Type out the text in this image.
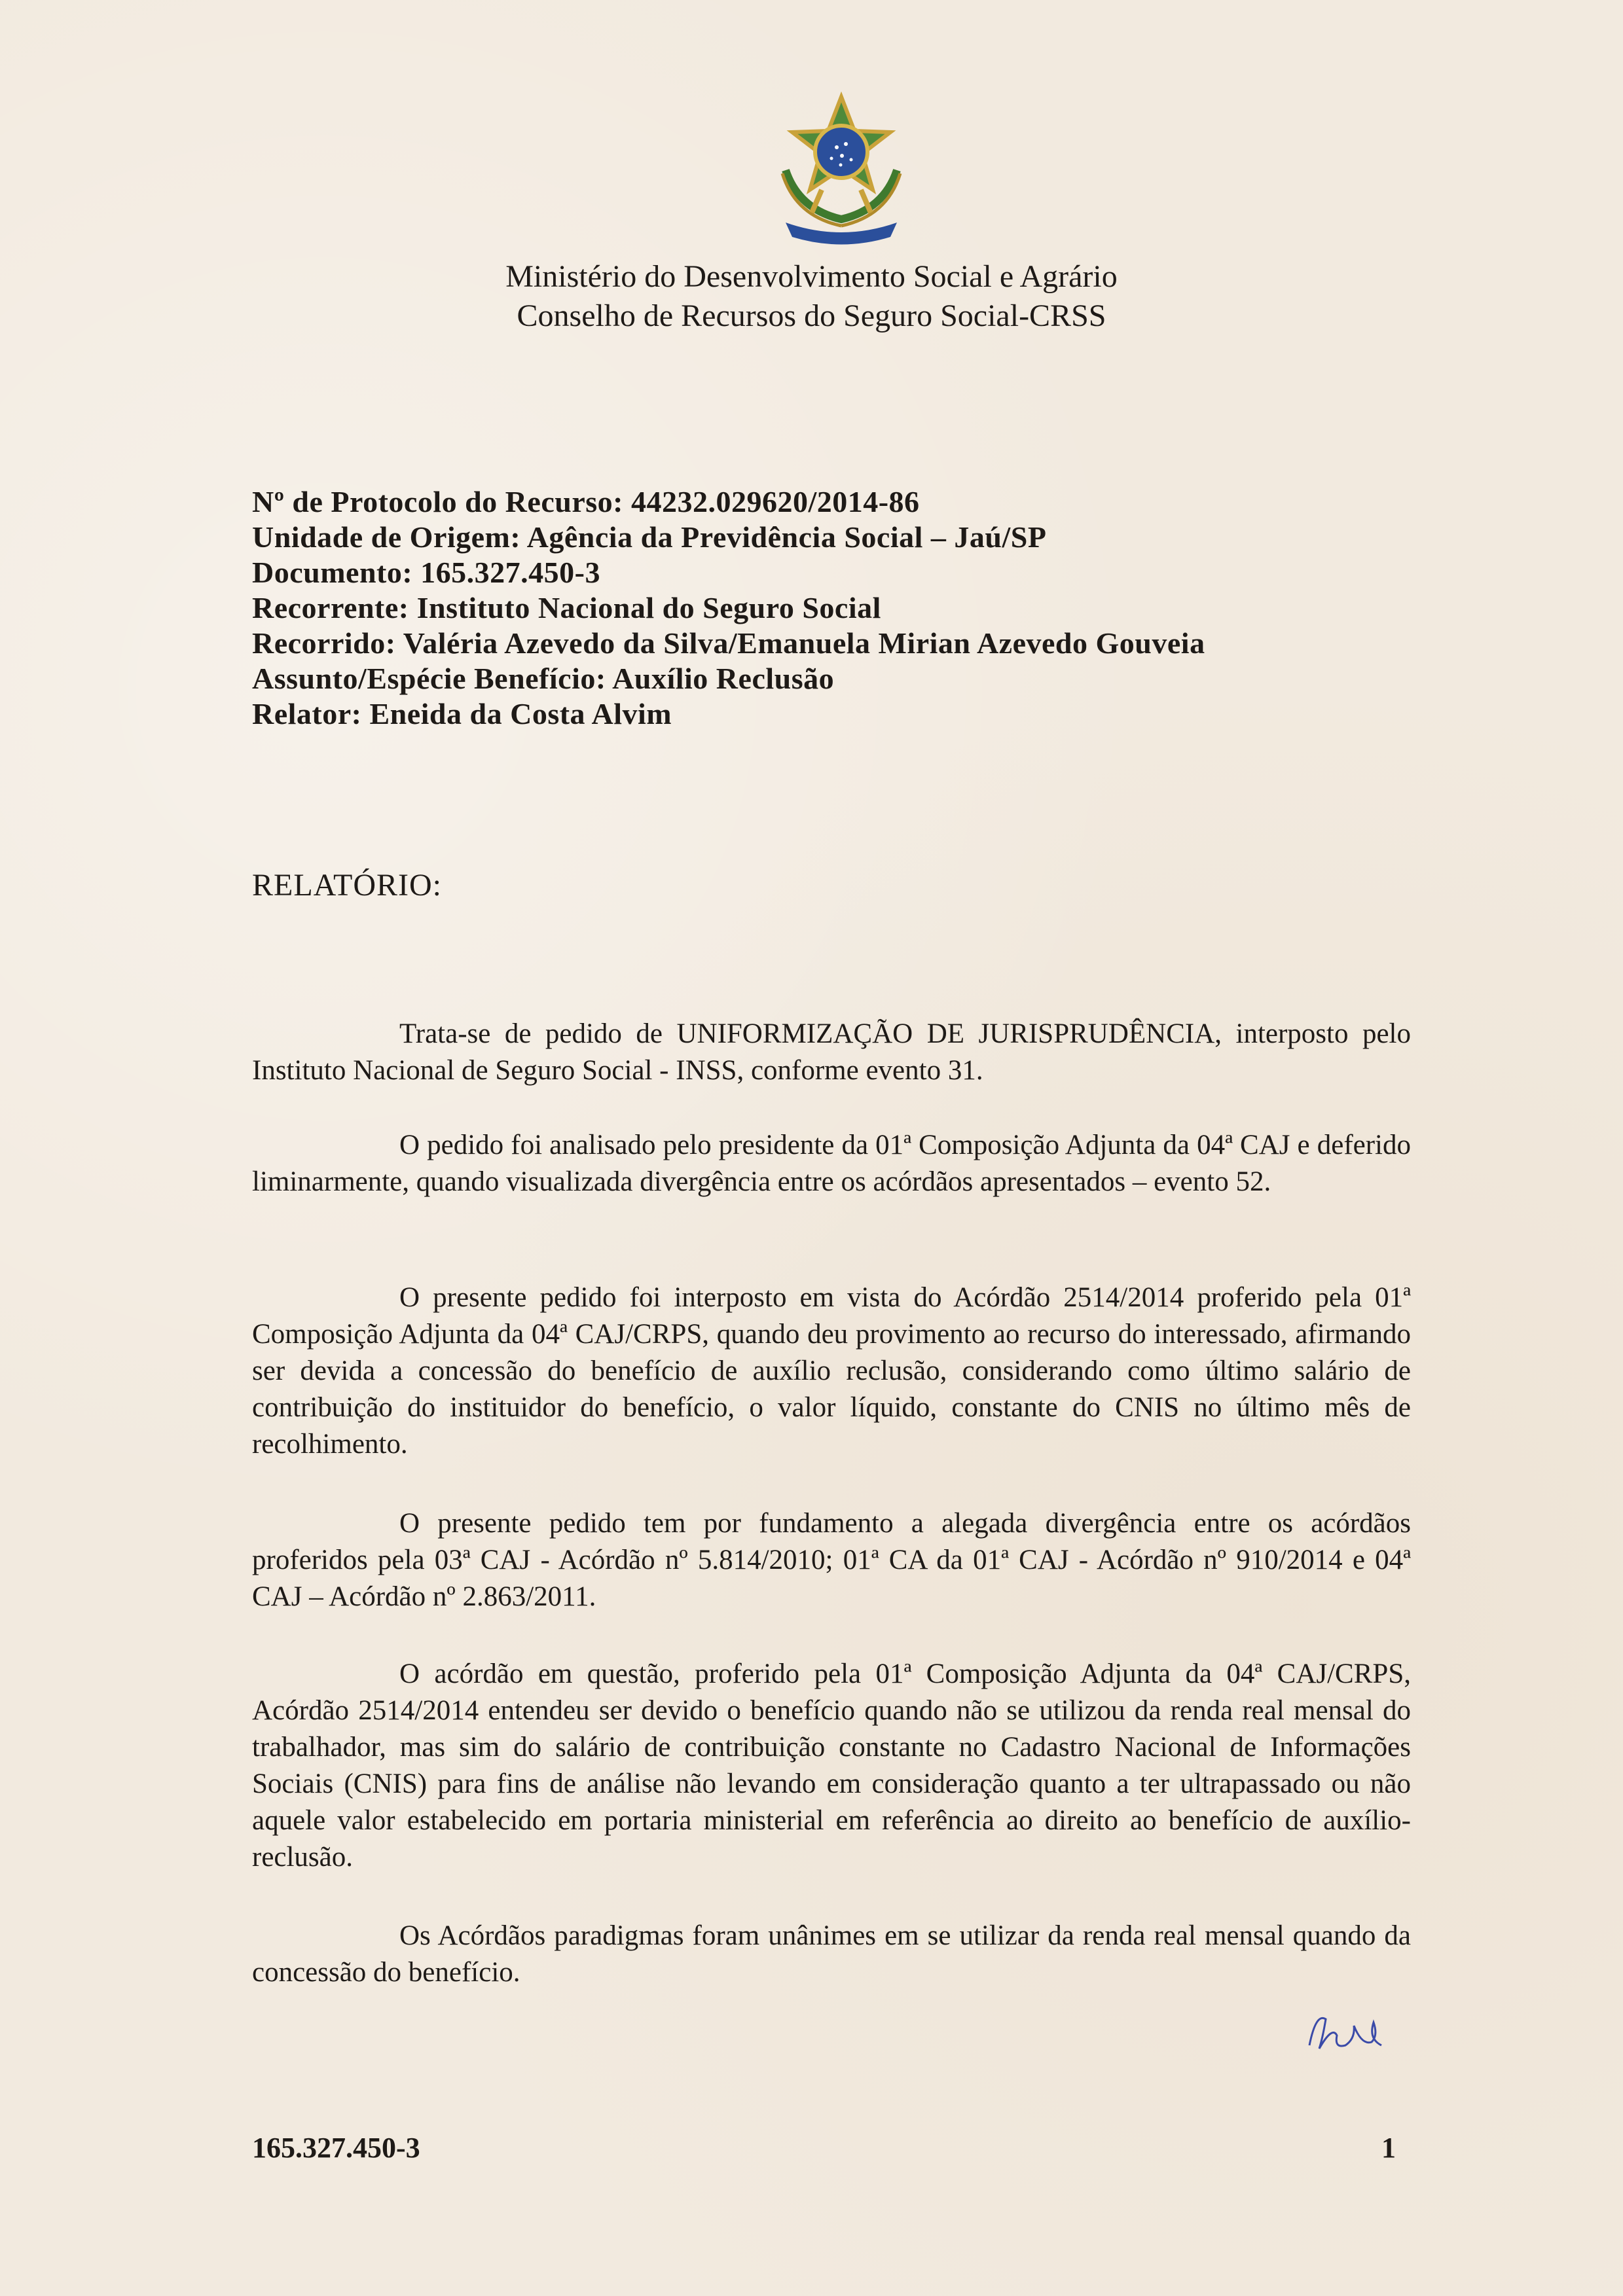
Ministério do Desenvolvimento Social e Agrário
Conselho de Recursos do Seguro Social-CRSS
Nº de Protocolo do Recurso: 44232.029620/2014-86
Unidade de Origem: Agência da Previdência Social – Jaú/SP
Documento: 165.327.450-3
Recorrente: Instituto Nacional do Seguro Social
Recorrido: Valéria Azevedo da Silva/Emanuela Mirian Azevedo Gouveia
Assunto/Espécie Benefício: Auxílio Reclusão
Relator: Eneida da Costa Alvim
RELATÓRIO:

Trata-se de pedido de UNIFORMIZAÇÃO DE JURISPRUDÊNCIA, interposto pelo Instituto Nacional de Seguro Social - INSS, conforme evento 31.

O pedido foi analisado pelo presidente da 01ª Composição Adjunta da 04ª CAJ e deferido liminarmente, quando visualizada divergência entre os acórdãos apresentados – evento 52.

O presente pedido foi interposto em vista do Acórdão 2514/2014 proferido pela 01ª Composição Adjunta da 04ª CAJ/CRPS, quando deu provimento ao recurso do interessado, afirmando ser devida a concessão do benefício de auxílio reclusão, considerando como último salário de contribuição do instituidor do benefício, o valor líquido, constante do CNIS no último mês de recolhimento.

O presente pedido tem por fundamento a alegada divergência entre os acórdãos proferidos pela 03ª CAJ - Acórdão nº 5.814/2010; 01ª CA da 01ª CAJ - Acórdão nº 910/2014 e 04ª CAJ – Acórdão nº 2.863/2011.

O acórdão em questão, proferido pela 01ª Composição Adjunta da 04ª CAJ/CRPS, Acórdão 2514/2014 entendeu ser devido o benefício quando não se utilizou da renda real mensal do trabalhador, mas sim do salário de contribuição constante no Cadastro Nacional de Informações Sociais (CNIS) para fins de análise não levando em consideração quanto a ter ultrapassado ou não aquele valor estabelecido em portaria ministerial em referência ao direito ao benefício de auxílio-reclusão.

Os Acórdãos paradigmas foram unânimes em se utilizar da renda real mensal quando da concessão do benefício.

165.327.450-3	1
